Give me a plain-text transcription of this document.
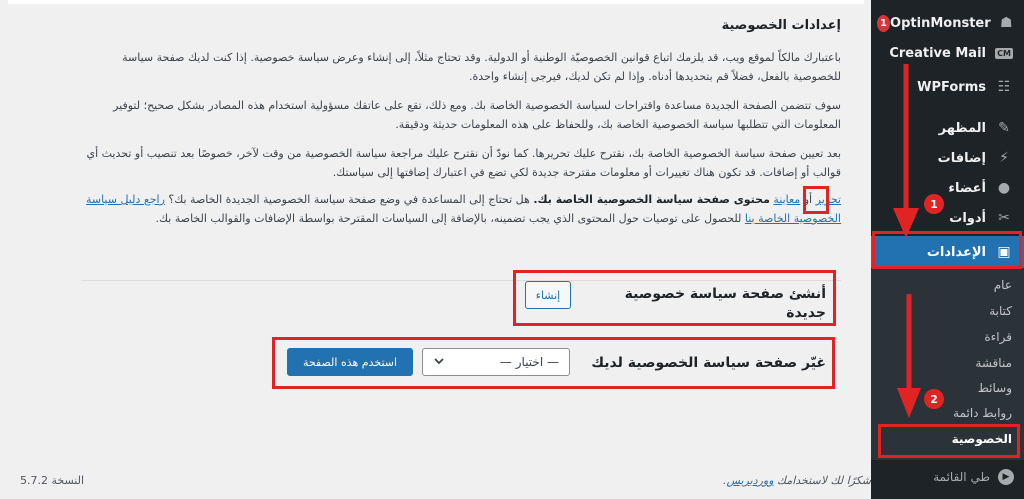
إعدادات الخصوصية

باعتبارك مالكاً لموقع ويب، قد يلزمك اتباع قوانين الخصوصيّة الوطنية أو الدولية. وقد تحتاج مثلاً، إلى إنشاء وعرض سياسة خصوصية. إذا كنت لديك صفحة سياسة للخصوصية بالفعل، فضلاً قم بتحديدها أدناه. وإذا لم تكن لديك، فيرجى إنشاء واحدة.

سوف تتضمن الصفحة الجديدة مساعدة واقتراحات لسياسة الخصوصية الخاصة بك. ومع ذلك، تقع على عاتقك مسؤولية استخدام هذه المصادر بشكل صحيح؛ لتوفير المعلومات التي تتطلبها سياسة الخصوصية الخاصة بك، وللحفاظ على هذه المعلومات حديثة ودقيقة.

بعد تعيين صفحة سياسة الخصوصية الخاصة بك، نقترح عليك تحريرها. كما نودّ أن نقترح عليك مراجعة سياسة الخصوصية من وقت لآخر، خصوصًا بعد تنصيب أو تحديث أي قوالب أو إضافات. قد تكون هناك تغييرات أو معلومات مقترحة جديدة لكي تضع في اعتبارك إضافتها إلى سياستك.

تحرير أو معاينة محتوى صفحة سياسة الخصوصية الخاصة بك. هل تحتاج إلى المساعدة في وضع صفحة سياسة الخصوصية الجديدة الخاصة بك؟ راجع دليل سياسة الخصوصية الخاصة بنا للحصول على توصيات حول المحتوى الذي يجب تضمينه، بالإضافة إلى السياسات المقترحة بواسطة الإضافات والقوالب الخاصة بك.

أنشئ صفحة سياسة خصوصية جديدة
إنشاء
غيّر صفحة سياسة الخصوصية لديك
— اختيار —
استخدم هذه الصفحة
شكرًا لك لاستخدامك ووردبريس.
النسخة 5.7.2
☗
OptinMonster
1
CM
Creative Mail
☷
WPForms
✎
المظهر
⚡
إضافات
●
أعضاء
✂
أدوات
▣
الإعدادات
عام
كتابة
قراءة
مناقشة
وسائط
روابط دائمة
الخصوصية
▶
طي القائمة
1
2
